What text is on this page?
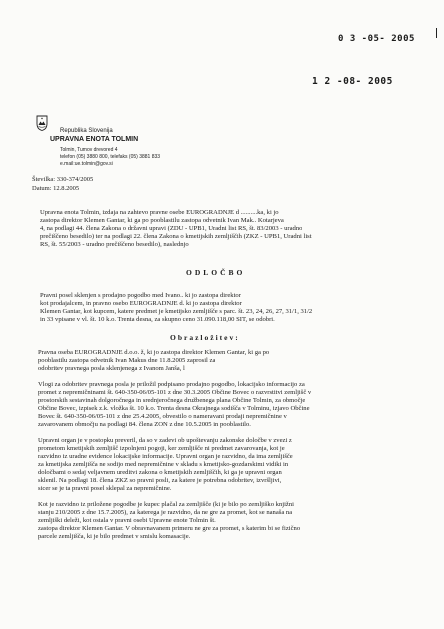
0 3 -05- 2005
1 2 -08- 2005
Republika Slovenija
UPRAVNA ENOTA TOLMIN
Tolmin, Tumov drevored 4
telefon (05) 3880 800, telefaks (05) 3881 833
e.mail:ue.tolmin@gov.si
Številka: 330-374/2005
Datum: 12.8.2005
Upravna enota Tolmin, izdaja na zahtevo pravne osebe EUROGRADNJE d ..........ka, ki jo
zastopa direktor Klemen Gantar, ki ga po pooblastilu zastopa odvetnik Ivan Mak.. Kotarjeva
4, na podlagi 44. člena Zakona o državni upravi (ZDU - UPB1, Uradni list RS, št. 83/2003 - uradno
prečiščeno besedilo) ter na podlagi 22. člena Zakona o kmetijskih zemljiščih (ZKZ - UPB1, Uradni list
RS, št. 55/2003 - uradno prečiščeno besedilo), naslednjo
ODLOČBO
Pravni posel sklenjen s prodajno pogodbo med Ivano.. ki jo zastopa direktor
kot prodajalcem, in pravno osebo EUROGRADNJE d. ki jo zastopa direktor
Klemen Gantar, kot kupcem, katere predmet je kmetijsko zemljišče s parc. št. 23, 24, 26, 27, 31/1, 31/2
in 33 vpisane v vl. št. 10 k.o. Trenta desna, za skupno ceno 31.090.118,00 SIT, se odobri.
Obrazložitev:
Pravna oseba EUROGRADNJE d.o.o. ž, ki jo zastopa direktor Klemen Gantar, ki ga po
pooblastilu zastopa odvetnik Ivan Makus dne 11.8.2005 zaprosil za
odobritev pravnega posla sklenjenega z Ivanom Janša, l
Vlogi za odobritev pravnega posla je priložil podpisano prodajno pogodbo, lokacijsko informacijo za
promet z nepremičninami št. 640-350-06/05-101 z dne 30.3.2005 Občine Bovec o razvrstitvi zemljišč v
prostorskih sestavinah dolgoročnega in srednjeročnega družbenega plana Občine Tolmin, za območje
Občine Bovec, izpisek z.k. vložka št. 10 k.o. Trenta desna Okrajnega sodišča v Tolminu, izjavo Občine
Bovec št. 640-350-06/05-101 z dne 25.4.2005, obvestilo o nameravani prodaji nepremičnine v
zavarovanem območju na podlagi 84. člena ZON z dne 10.5.2005 in pooblastilo.
Upravni organ je v postopku preveril, da so v zadevi ob upoštevanju zakonske določbe v zvezi z
prometom kmetijskih zemljišč izpolnjeni pogoji, ker zemljišče ni predmet zavarovanja, kot je
razvidno iz uradne evidence lokacijske informacije. Upravni organ je razvidno, da ima zemljišče
za kmetijska zemljišča ne sodijo med nepremičnine v skladu s kmetijsko-gozdarskimi vidiki in
določbami o sedaj veljavnem ureditvi zakona o kmetijskih zemljiščih, ki ga je upravni organ
sklenil. Na podlagi 18. člena ZKZ so pravni posli, za katere je potrebna odobritev, izvršljivi,
sicer se je ta pravni posel sklepal za nepremičnine.
Kot je razvidno iz priložene pogodbe je kupec plačal za zemljišče (ki je bilo po zemljiško knjižni
stanju 210/2005 z dne 15.7.2005), za katerega je razvidno, da ne gre za promet, kot se nanaša na
zemljiški deleži, kot ostala v pravni osebi Upravne enote Tolmin št.
zastopa direktor Klemen Gantar. V obravnavanem primeru ne gre za promet, s katerim bi se fizično
parcele zemljišča, ki je bilo predmet v smislu komasacije.
